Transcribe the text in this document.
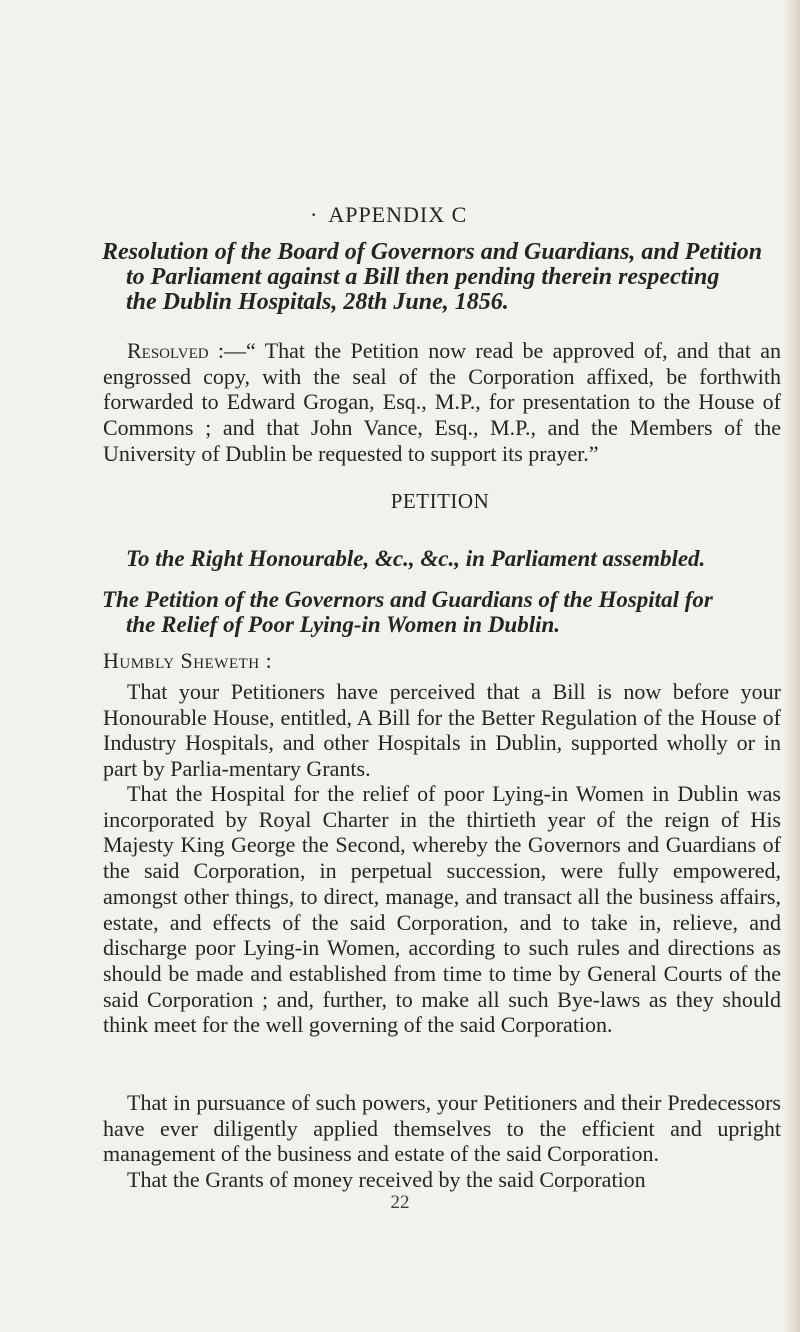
· APPENDIX C
Resolution of the Board of Governors and Guardians, and Petition
to Parliament against a Bill then pending therein respecting
the Dublin Hospitals, 28th June, 1856.

Resolved :—“ That the Petition now read be approved of, and that an engrossed copy, with the seal of the Corporation affixed, be forthwith forwarded to Edward Grogan, Esq., M.P., for presentation to the House of Commons ; and that John Vance, Esq., M.P., and the Members of the University of Dublin be requested to support its prayer.”

PETITION
To the Right Honourable, &c., &c., in Parliament assembled.
The Petition of the Governors and Guardians of the Hospital for
the Relief of Poor Lying-in Women in Dublin.
Humbly Sheweth :

That your Petitioners have perceived that a Bill is now before your Honourable House, entitled, A Bill for the Better Regulation of the House of Industry Hospitals, and other Hospitals in Dublin, supported wholly or in part by Parlia-mentary Grants.

That the Hospital for the relief of poor Lying-in Women in Dublin was incorporated by Royal Charter in the thirtieth year of the reign of His Majesty King George the Second, whereby the Governors and Guardians of the said Corporation, in perpetual succession, were fully empowered, amongst other things, to direct, manage, and transact all the business affairs, estate, and effects of the said Corporation, and to take in, relieve, and discharge poor Lying-in Women, according to such rules and directions as should be made and established from time to time by General Courts of the said Corporation ; and, further, to make all such Bye-laws as they should think meet for the well governing of the said Corporation.

That in pursuance of such powers, your Petitioners and their Predecessors have ever diligently applied themselves to the efficient and upright management of the business and estate of the said Corporation.

That the Grants of money received by the said Corporation

22
